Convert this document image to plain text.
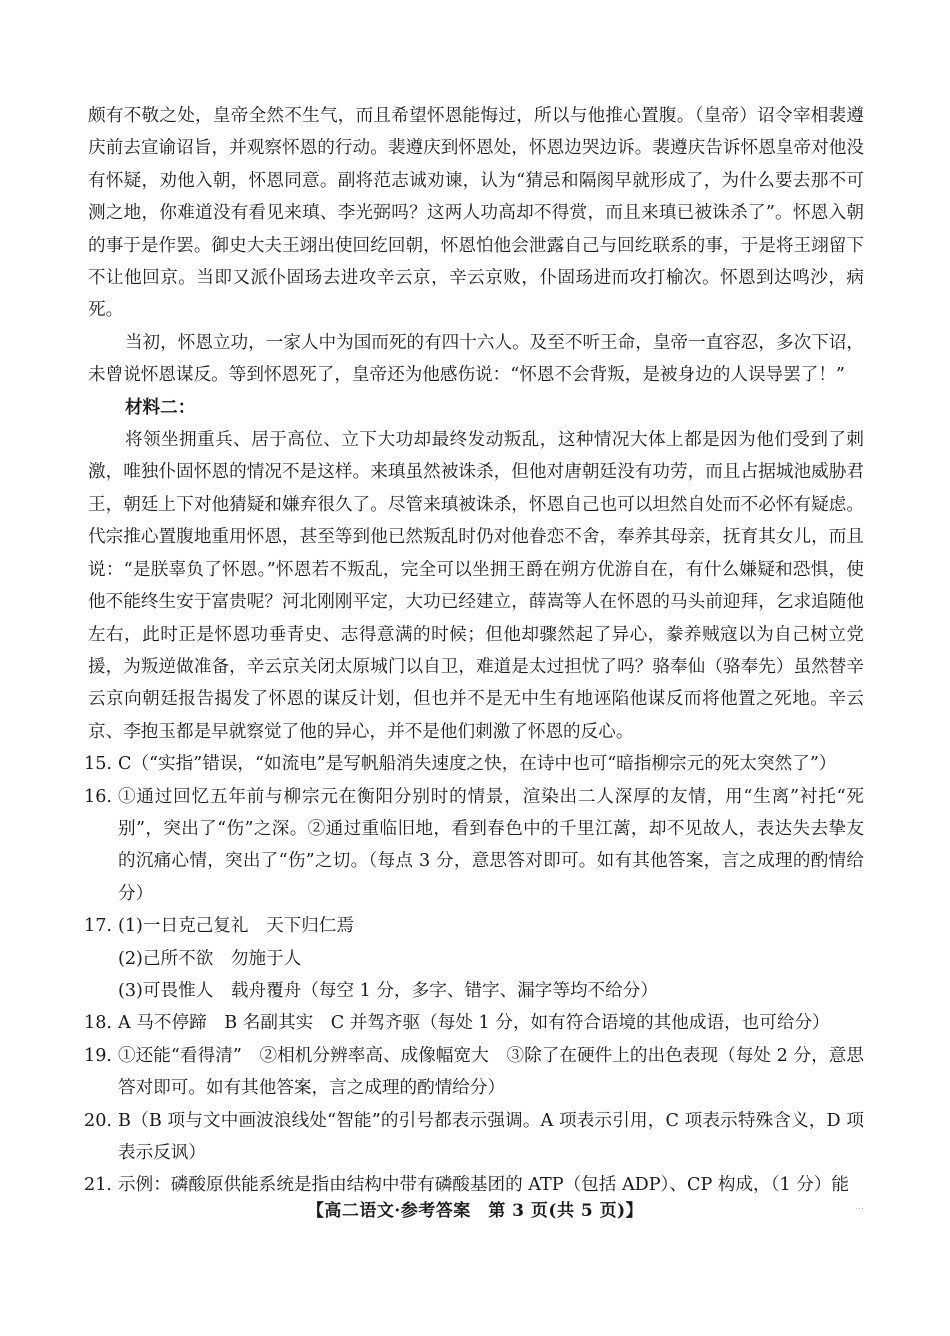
颇有不敬之处，皇帝全然不生气，而且希望怀恩能悔过，所以与他推心置腹。（皇帝）诏令宰相裴遵庆前去宣谕诏旨，并观察怀恩的行动。裴遵庆到怀恩处，怀恩边哭边诉。裴遵庆告诉怀恩皇帝对他没有怀疑，劝他入朝，怀恩同意。副将范志诚劝谏，认为“猜忌和隔阂早就形成了，为什么要去那不可测之地，你难道没有看见来瑱、李光弼吗？这两人功高却不得赏，而且来瑱已被诛杀了”。怀恩入朝的事于是作罢。御史大夫王翊出使回纥回朝，怀恩怕他会泄露自己与回纥联系的事，于是将王翊留下不让他回京。当即又派仆固玚去进攻辛云京，辛云京败，仆固玚进而攻打榆次。怀恩到达鸣沙，病死。

当初，怀恩立功，一家人中为国而死的有四十六人。及至不听王命，皇帝一直容忍，多次下诏，未曾说怀恩谋反。等到怀恩死了，皇帝还为他感伤说：“怀恩不会背叛，是被身边的人误导罢了！”

材料二：

将领坐拥重兵、居于高位、立下大功却最终发动叛乱，这种情况大体上都是因为他们受到了刺激，唯独仆固怀恩的情况不是这样。来瑱虽然被诛杀，但他对唐朝廷没有功劳，而且占据城池威胁君王，朝廷上下对他猜疑和嫌弃很久了。尽管来瑱被诛杀，怀恩自己也可以坦然自处而不必怀有疑虑。代宗推心置腹地重用怀恩，甚至等到他已然叛乱时仍对他眷恋不舍，奉养其母亲，抚育其女儿，而且说：“是朕辜负了怀恩。”怀恩若不叛乱，完全可以坐拥王爵在朔方优游自在，有什么嫌疑和恐惧，使他不能终生安于富贵呢？河北刚刚平定，大功已经建立，薛嵩等人在怀恩的马头前迎拜，乞求追随他左右，此时正是怀恩功垂青史、志得意满的时候；但他却骤然起了异心，豢养贼寇以为自己树立党援，为叛逆做准备，辛云京关闭太原城门以自卫，难道是太过担忧了吗？骆奉仙（骆奉先）虽然替辛云京向朝廷报告揭发了怀恩的谋反计划，但也并不是无中生有地诬陷他谋反而将他置之死地。辛云京、李抱玉都是早就察觉了他的异心，并不是他们刺激了怀恩的反心。

15. C（“实指”错误，“如流电”是写帆船消失速度之快，在诗中也可“暗指柳宗元的死太突然了”）
16. ①通过回忆五年前与柳宗元在衡阳分别时的情景，渲染出二人深厚的友情，用“生离”衬托“死别”，突出了“伤”之深。②通过重临旧地，看到春色中的千里江蓠，却不见故人，表达失去挚友的沉痛心情，突出了“伤”之切。（每点 3 分，意思答对即可。如有其他答案，言之成理的酌情给分）
17. (1)一日克己复礼　天下归仁焉

(2)己所不欲　勿施于人

(3)可畏惟人　载舟覆舟（每空 1 分，多字、错字、漏字等均不给分）

18. A 马不停蹄　B 名副其实　C 并驾齐驱（每处 1 分，如有符合语境的其他成语，也可给分）
19. ①还能“看得清”　②相机分辨率高、成像幅宽大　③除了在硬件上的出色表现（每处 2 分，意思答对即可。如有其他答案，言之成理的酌情给分）
20. B（B 项与文中画波浪线处“智能”的引号都表示强调。A 项表示引用，C 项表示特殊含义，D 项表示反讽）
21. 示例：磷酸原供能系统是指由结构中带有磷酸基团的 ATP（包括 ADP）、CP 构成，（1 分）能
【高二语文·参考答案　第 3 页(共 5 页)】	...
